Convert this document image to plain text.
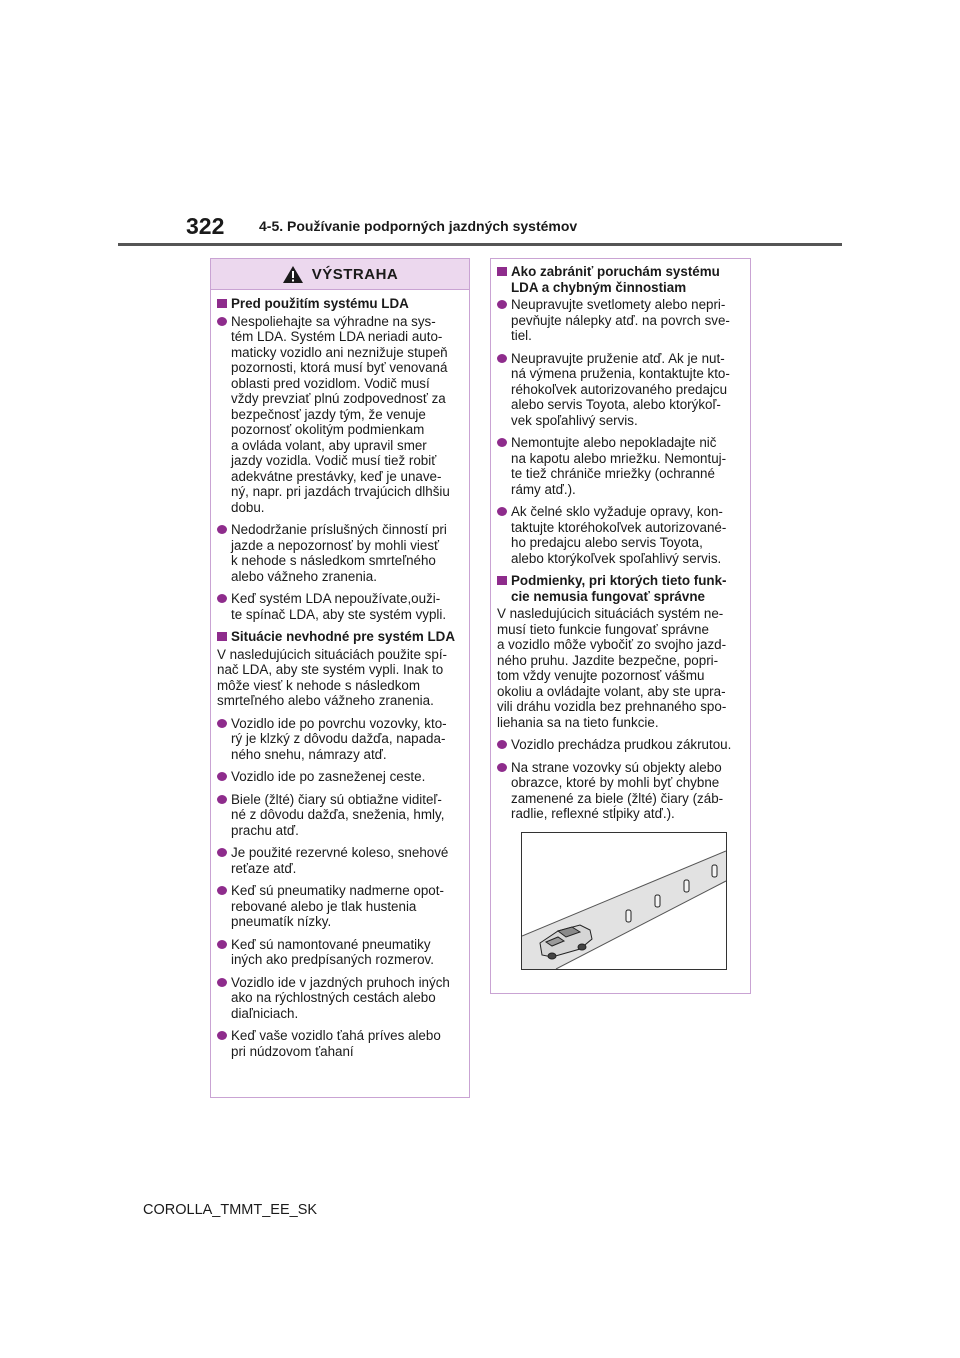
322 4-5. Používanie podporných jazdných systémov
VÝSTRAHA
Pred použitím systému LDA
Nespoliehajte sa výhradne na sys-
tém LDA. Systém LDA neriadi auto-
maticky vozidlo ani neznižuje stupeň
pozornosti, ktorá musí byť venovaná
oblasti pred vozidlom. Vodič musí
vždy prevziať plnú zodpovednosť za
bezpečnosť jazdy tým, že venuje
pozornosť okolitým podmienkam
a ovláda volant, aby upravil smer
jazdy vozidla. Vodič musí tiež robiť
adekvátne prestávky, keď je unave-
ný, napr. pri jazdách trvajúcich dlhšiu
dobu.
Nedodržanie príslušných činností pri
jazde a nepozornosť by mohli viesť
k nehode s následkom smrteľného
alebo vážneho zranenia.
Keď systém LDA nepoužívate,ouži-
te spínač LDA, aby ste systém vypli.
Situácie nevhodné pre systém LDA
V nasledujúcich situáciách použite spí-
nač LDA, aby ste systém vypli. Inak to
môže viesť k nehode s následkom
smrteľného alebo vážneho zranenia.
Vozidlo ide po povrchu vozovky, kto-
rý je klzký z dôvodu dažďa, napada-
ného snehu, námrazy atď.
Vozidlo ide po zasneženej ceste.
Biele (žlté) čiary sú obtiažne viditeľ-
né z dôvodu dažďa, sneženia, hmly,
prachu atď.
Je použité rezervné koleso, snehové
reťaze atď.
Keď sú pneumatiky nadmerne opot-
rebované alebo je tlak hustenia
pneumatík nízky.
Keď sú namontované pneumatiky
iných ako predpísaných rozmerov.
Vozidlo ide v jazdných pruhoch iných
ako na rýchlostných cestách alebo
diaľniciach.
Keď vaše vozidlo ťahá príves alebo
pri núdzovom ťahaní
Ako zabrániť poruchám systému
LDA a chybným činnostiam
Neupravujte svetlomety alebo nepri-
pevňujte nálepky atď. na povrch sve-
tiel.
Neupravujte pruženie atď. Ak je nut-
ná výmena pruženia, kontaktujte kto-
réhokoľvek autorizovaného predajcu
alebo servis Toyota, alebo ktorýkoľ-
vek spoľahlivý servis.
Nemontujte alebo nepokladajte nič
na kapotu alebo mriežku. Nemontuj-
te tiež chrániče mriežky (ochranné
rámy atď.).
Ak čelné sklo vyžaduje opravy, kon-
taktujte ktoréhokoľvek autorizované-
ho predajcu alebo servis Toyota,
alebo ktorýkoľvek spoľahlivý servis.
Podmienky, pri ktorých tieto funk-
cie nemusia fungovať správne
V nasledujúcich situáciách systém ne-
musí tieto funkcie fungovať správne
a vozidlo môže vybočiť zo svojho jazd-
ného pruhu. Jazdite bezpečne, popri-
tom vždy venujte pozornosť vášmu
okoliu a ovládajte volant, aby ste upra-
vili dráhu vozidla bez prehnaného spo-
liehania sa na tieto funkcie.
Vozidlo prechádza prudkou zákrutou.
Na strane vozovky sú objekty alebo
obrazce, ktoré by mohli byť chybne
zamenené za biele (žlté) čiary (záb-
radlie, reflexné stĺpiky atď.).
COROLLA_TMMT_EE_SK
